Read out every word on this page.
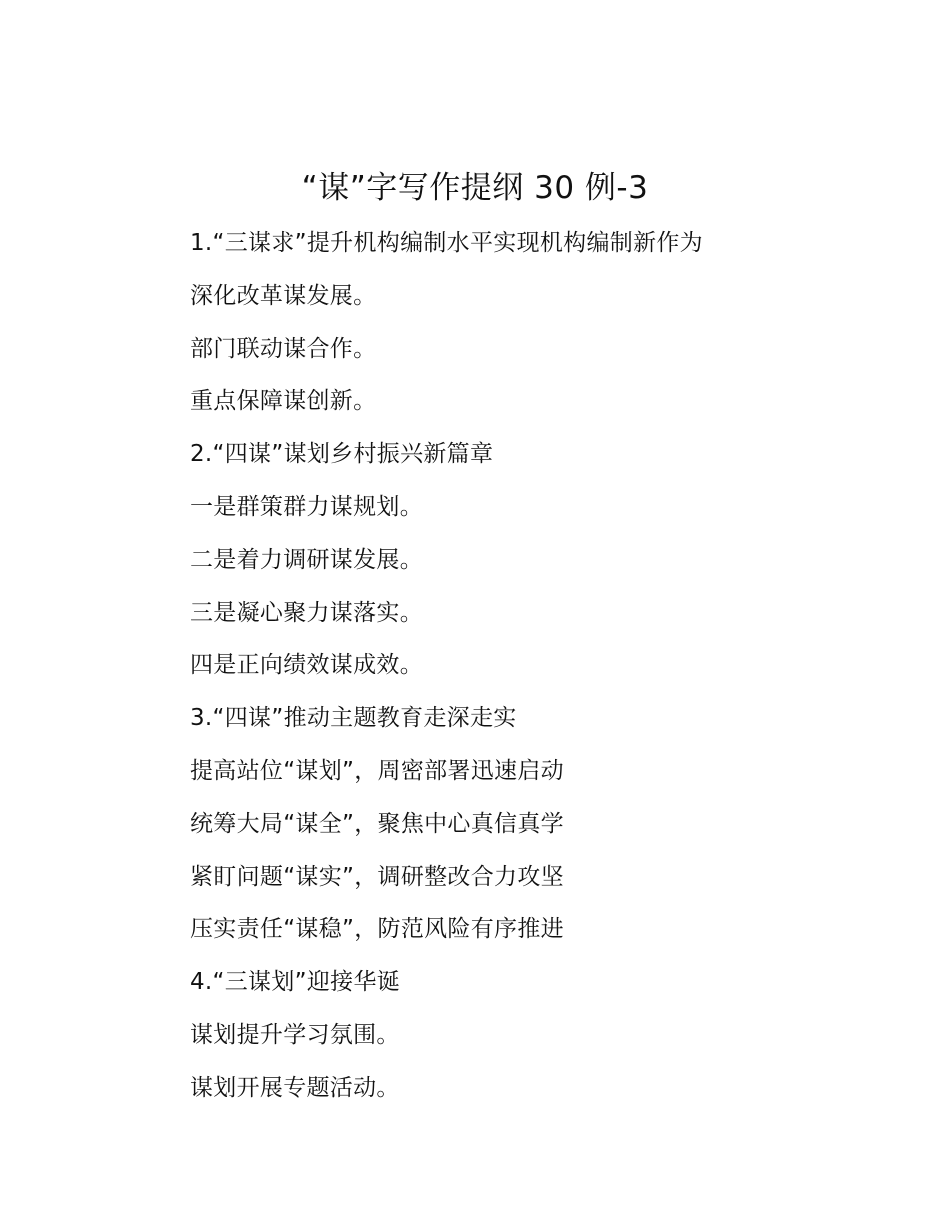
“谋”字写作提纲 30 例-3
1.“三谋求”提升机构编制水平实现机构编制新作为
深化改革谋发展。
部门联动谋合作。
重点保障谋创新。
2.“四谋”谋划乡村振兴新篇章
一是群策群力谋规划。
二是着力调研谋发展。
三是凝心聚力谋落实。
四是正向绩效谋成效。
3.“四谋”推动主题教育走深走实
提高站位“谋划”，周密部署迅速启动
统筹大局“谋全”，聚焦中心真信真学
紧盯问题“谋实”，调研整改合力攻坚
压实责任“谋稳”，防范风险有序推进
4.“三谋划”迎接华诞
谋划提升学习氛围。
谋划开展专题活动。
